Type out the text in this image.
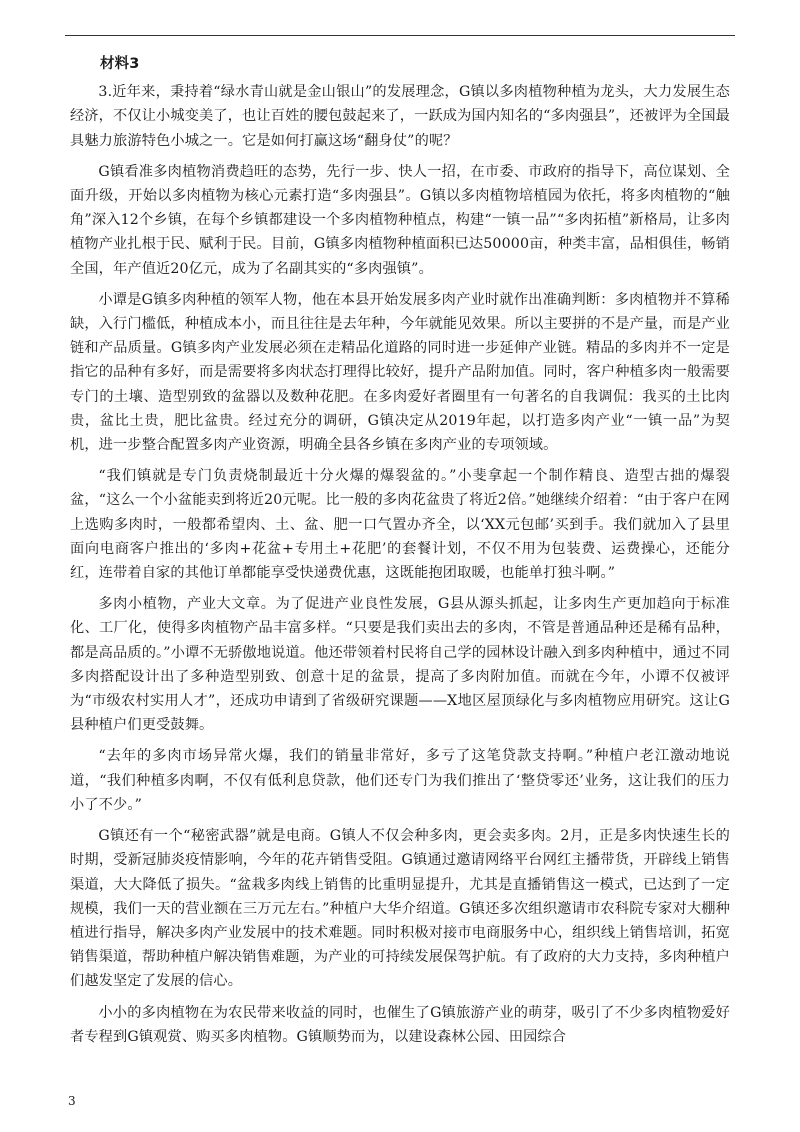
材料3

3.近年来，秉持着“绿水青山就是金山银山”的发展理念，G镇以多肉植物种植为龙头，大力发展生态经济，不仅让小城变美了，也让百姓的腰包鼓起来了，一跃成为国内知名的“多肉强县”，还被评为全国最具魅力旅游特色小城之一。它是如何打赢这场“翻身仗”的呢？

G镇看准多肉植物消费趋旺的态势，先行一步、快人一招，在市委、市政府的指导下，高位谋划、全面升级，开始以多肉植物为核心元素打造“多肉强县”。G镇以多肉植物培植园为依托，将多肉植物的“触角”深入12个乡镇，在每个乡镇都建设一个多肉植物种植点，构建“一镇一品”“多肉拓植”新格局，让多肉植物产业扎根于民、赋利于民。目前，G镇多肉植物种植面积已达50000亩，种类丰富，品相俱佳，畅销全国，年产值近20亿元，成为了名副其实的“多肉强镇”。

小谭是G镇多肉种植的领军人物，他在本县开始发展多肉产业时就作出准确判断：多肉植物并不算稀缺，入行门槛低，种植成本小，而且往往是去年种，今年就能见效果。所以主要拼的不是产量，而是产业链和产品质量。G镇多肉产业发展必须在走精品化道路的同时进一步延伸产业链。精品的多肉并不一定是指它的品种有多好，而是需要将多肉状态打理得比较好，提升产品附加值。同时，客户种植多肉一般需要专门的土壤、造型别致的盆器以及数种花肥。在多肉爱好者圈里有一句著名的自我调侃：我买的土比肉贵，盆比土贵，肥比盆贵。经过充分的调研，G镇决定从2019年起，以打造多肉产业“一镇一品”为契机，进一步整合配置多肉产业资源，明确全县各乡镇在多肉产业的专项领域。

“我们镇就是专门负责烧制最近十分火爆的爆裂盆的。”小斐拿起一个制作精良、造型古拙的爆裂盆，“这么一个小盆能卖到将近20元呢。比一般的多肉花盆贵了将近2倍。”她继续介绍着：“由于客户在网上选购多肉时，一般都希望肉、土、盆、肥一口气置办齐全，以‘XX元包邮’买到手。我们就加入了县里面向电商客户推出的‘多肉+花盆+专用土+花肥’的套餐计划，不仅不用为包装费、运费操心，还能分红，连带着自家的其他订单都能享受快递费优惠，这既能抱团取暖，也能单打独斗啊。”

多肉小植物，产业大文章。为了促进产业良性发展，G县从源头抓起，让多肉生产更加趋向于标准化、工厂化，使得多肉植物产品丰富多样。“只要是我们卖出去的多肉，不管是普通品种还是稀有品种，都是高品质的。”小谭不无骄傲地说道。他还带领着村民将自己学的园林设计融入到多肉种植中，通过不同多肉搭配设计出了多种造型别致、创意十足的盆景，提高了多肉附加值。而就在今年，小谭不仅被评为“市级农村实用人才”，还成功申请到了省级研究课题——X地区屋顶绿化与多肉植物应用研究。这让G县种植户们更受鼓舞。

“去年的多肉市场异常火爆，我们的销量非常好，多亏了这笔贷款支持啊。”种植户老江激动地说道，“我们种植多肉啊，不仅有低利息贷款，他们还专门为我们推出了‘整贷零还’业务，这让我们的压力小了不少。”

G镇还有一个“秘密武器”就是电商。G镇人不仅会种多肉，更会卖多肉。2月，正是多肉快速生长的时期，受新冠肺炎疫情影响，今年的花卉销售受阻。G镇通过邀请网络平台网红主播带货，开辟线上销售渠道，大大降低了损失。“盆栽多肉线上销售的比重明显提升，尤其是直播销售这一模式，已达到了一定规模，我们一天的营业额在三万元左右。”种植户大华介绍道。G镇还多次组织邀请市农科院专家对大棚种植进行指导，解决多肉产业发展中的技术难题。同时积极对接市电商服务中心，组织线上销售培训，拓宽销售渠道，帮助种植户解决销售难题，为产业的可持续发展保驾护航。有了政府的大力支持，多肉种植户们越发坚定了发展的信心。

小小的多肉植物在为农民带来收益的同时，也催生了G镇旅游产业的萌芽，吸引了不少多肉植物爱好者专程到G镇观赏、购买多肉植物。G镇顺势而为，以建设森林公园、田园综合

3
